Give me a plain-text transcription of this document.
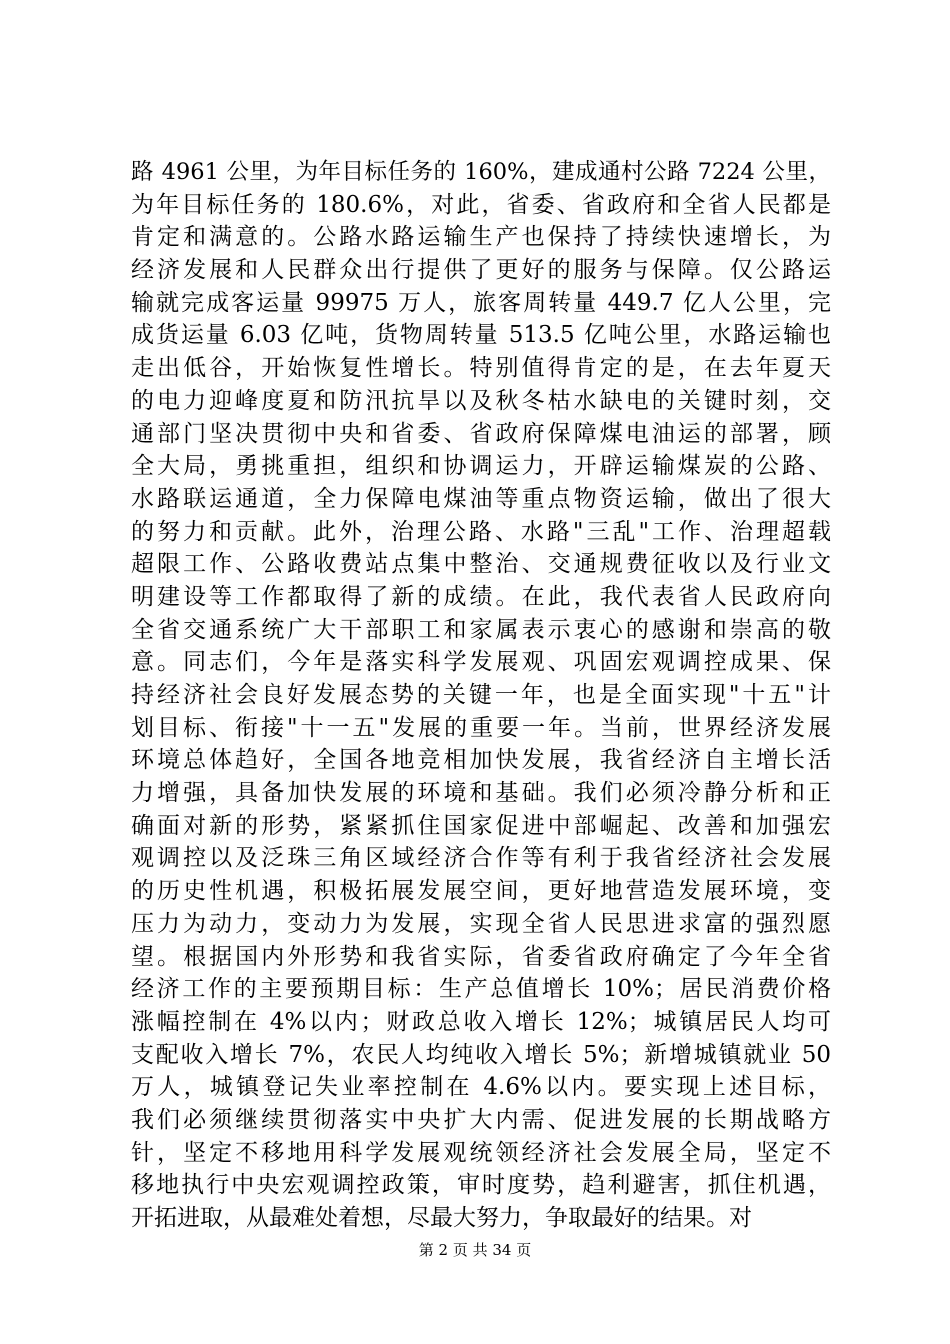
路 4961 公里，为年目标任务的 160%，建成通村公路 7224 公里，
为年目标任务的 180.6%，对此，省委、省政府和全省人民都是
肯定和满意的。公路水路运输生产也保持了持续快速增长，为
经济发展和人民群众出行提供了更好的服务与保障。仅公路运
输就完成客运量 99975 万人，旅客周转量 449.7 亿人公里，完
成货运量 6.03 亿吨，货物周转量 513.5 亿吨公里，水路运输也
走出低谷，开始恢复性增长。特别值得肯定的是，在去年夏天
的电力迎峰度夏和防汛抗旱以及秋冬枯水缺电的关键时刻，交
通部门坚决贯彻中央和省委、省政府保障煤电油运的部署，顾
全大局，勇挑重担，组织和协调运力，开辟运输煤炭的公路、
水路联运通道，全力保障电煤油等重点物资运输，做出了很大
的努力和贡献。此外，治理公路、水路"三乱"工作、治理超载
超限工作、公路收费站点集中整治、交通规费征收以及行业文
明建设等工作都取得了新的成绩。在此，我代表省人民政府向
全省交通系统广大干部职工和家属表示衷心的感谢和崇高的敬
意。同志们，今年是落实科学发展观、巩固宏观调控成果、保
持经济社会良好发展态势的关键一年，也是全面实现"十五"计
划目标、衔接"十一五"发展的重要一年。当前，世界经济发展
环境总体趋好，全国各地竞相加快发展，我省经济自主增长活
力增强，具备加快发展的环境和基础。我们必须冷静分析和正
确面对新的形势，紧紧抓住国家促进中部崛起、改善和加强宏
观调控以及泛珠三角区域经济合作等有利于我省经济社会发展
的历史性机遇，积极拓展发展空间，更好地营造发展环境，变
压力为动力，变动力为发展，实现全省人民思进求富的强烈愿
望。根据国内外形势和我省实际，省委省政府确定了今年全省
经济工作的主要预期目标：生产总值增长 10%；居民消费价格
涨幅控制在 4%以内；财政总收入增长 12%；城镇居民人均可
支配收入增长 7%，农民人均纯收入增长 5%；新增城镇就业 50
万人，城镇登记失业率控制在 4.6%以内。要实现上述目标，
我们必须继续贯彻落实中央扩大内需、促进发展的长期战略方
针，坚定不移地用科学发展观统领经济社会发展全局，坚定不
移地执行中央宏观调控政策，审时度势，趋利避害，抓住机遇，
开拓进取，从最难处着想，尽最大努力，争取最好的结果。对
第 2 页 共 34 页
